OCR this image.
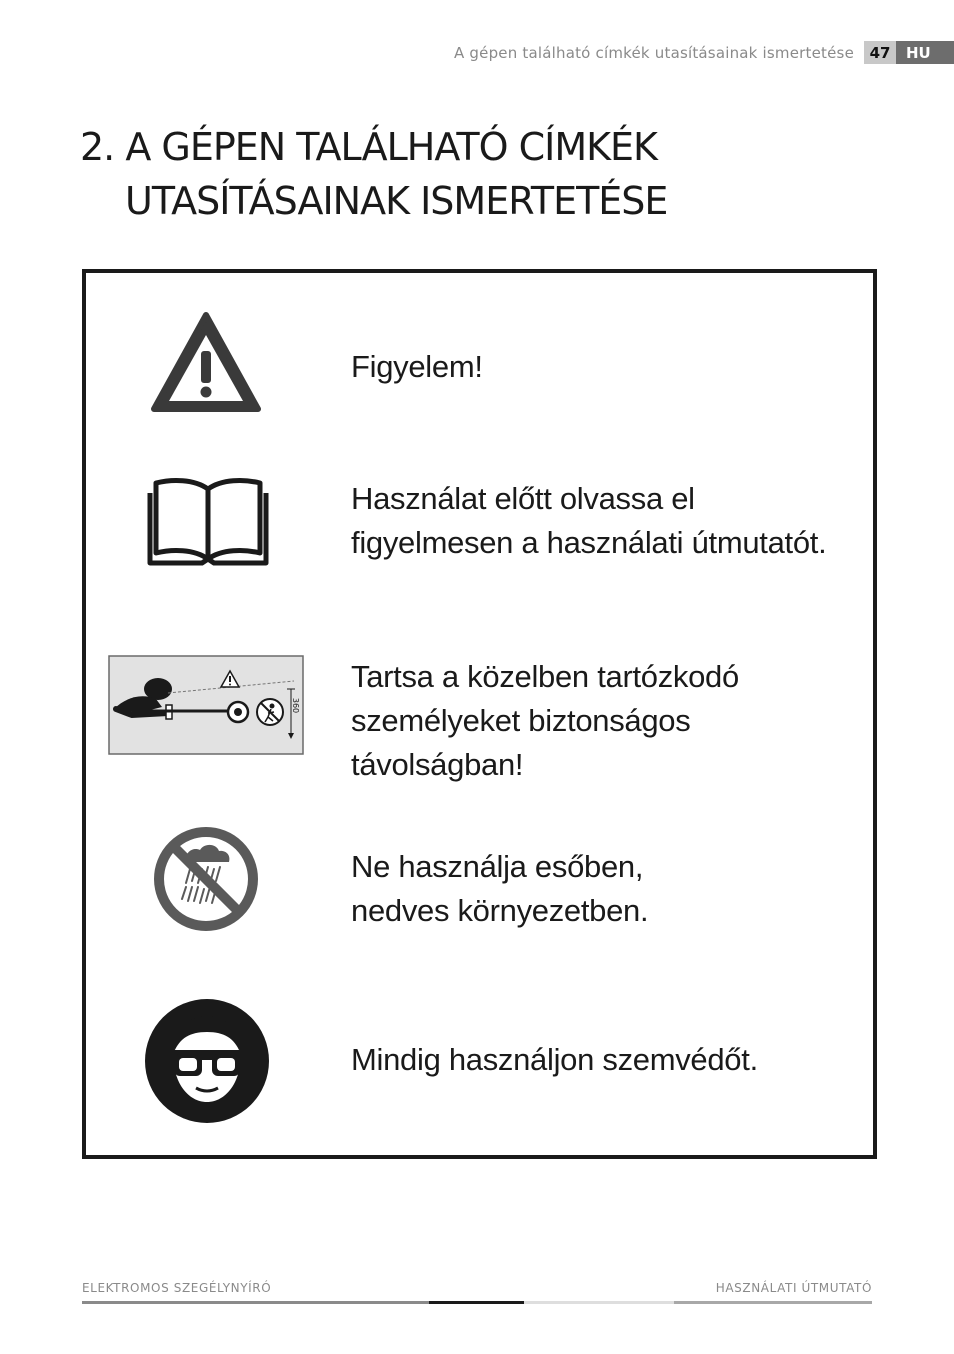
A gépen található címkék utasításainak ismertetése	47	HU
2. A GÉPEN TALÁLHATÓ CÍMKÉK
UTASÍTÁSAINAK ISMERTETÉSE
Figyelem!
Használat előtt olvassa el
figyelmesen a használati útmutatót.
360
Tartsa a közelben tartózkodó
személyeket biztonságos
távolságban!
Ne használja esőben,
nedves környezetben.
Mindig használjon szemvédőt.
ELEKTROMOS SZEGÉLYNYÍRÓ	HASZNÁLATI ÚTMUTATÓ
